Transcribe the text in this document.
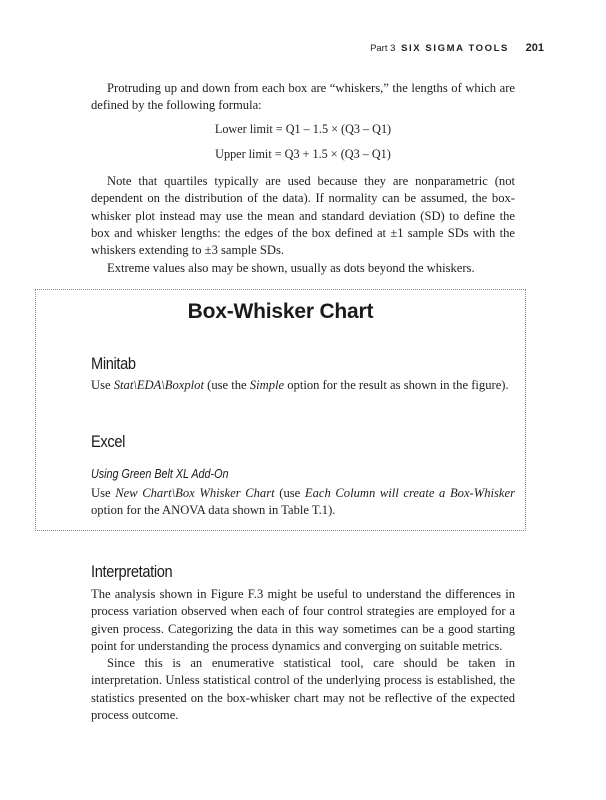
Part 3 SIX SIGMA TOOLS 201

Protruding up and down from each box are “whiskers,” the lengths of which are defined by the following formula:

Lower limit = Q1 – 1.5 × (Q3 – Q1)

Upper limit = Q3 + 1.5 × (Q3 – Q1)

Note that quartiles typically are used because they are nonparametric (not dependent on the distribution of the data). If normality can be assumed, the box-whisker plot instead may use the mean and standard deviation (SD) to define the box and whisker lengths: the edges of the box defined at ±1 sample SDs with the whiskers extending to ±3 sample SDs.

Extreme values also may be shown, usually as dots beyond the whiskers.

Box-Whisker Chart
Minitab

Use Stat\EDA\Boxplot (use the Simple option for the result as shown in the figure).

Excel
Using Green Belt XL Add-On

Use New Chart\Box Whisker Chart (use Each Column will create a Box-Whisker option for the ANOVA data shown in Table T.1).

Interpretation

The analysis shown in Figure F.3 might be useful to understand the differences in process variation observed when each of four control strategies are employed for a given process. Categorizing the data in this way sometimes can be a good starting point for understanding the process dynamics and converging on suitable metrics.

Since this is an enumerative statistical tool, care should be taken in interpretation. Unless statistical control of the underlying process is established, the statistics presented on the box-whisker chart may not be reflective of the expected process outcome.
